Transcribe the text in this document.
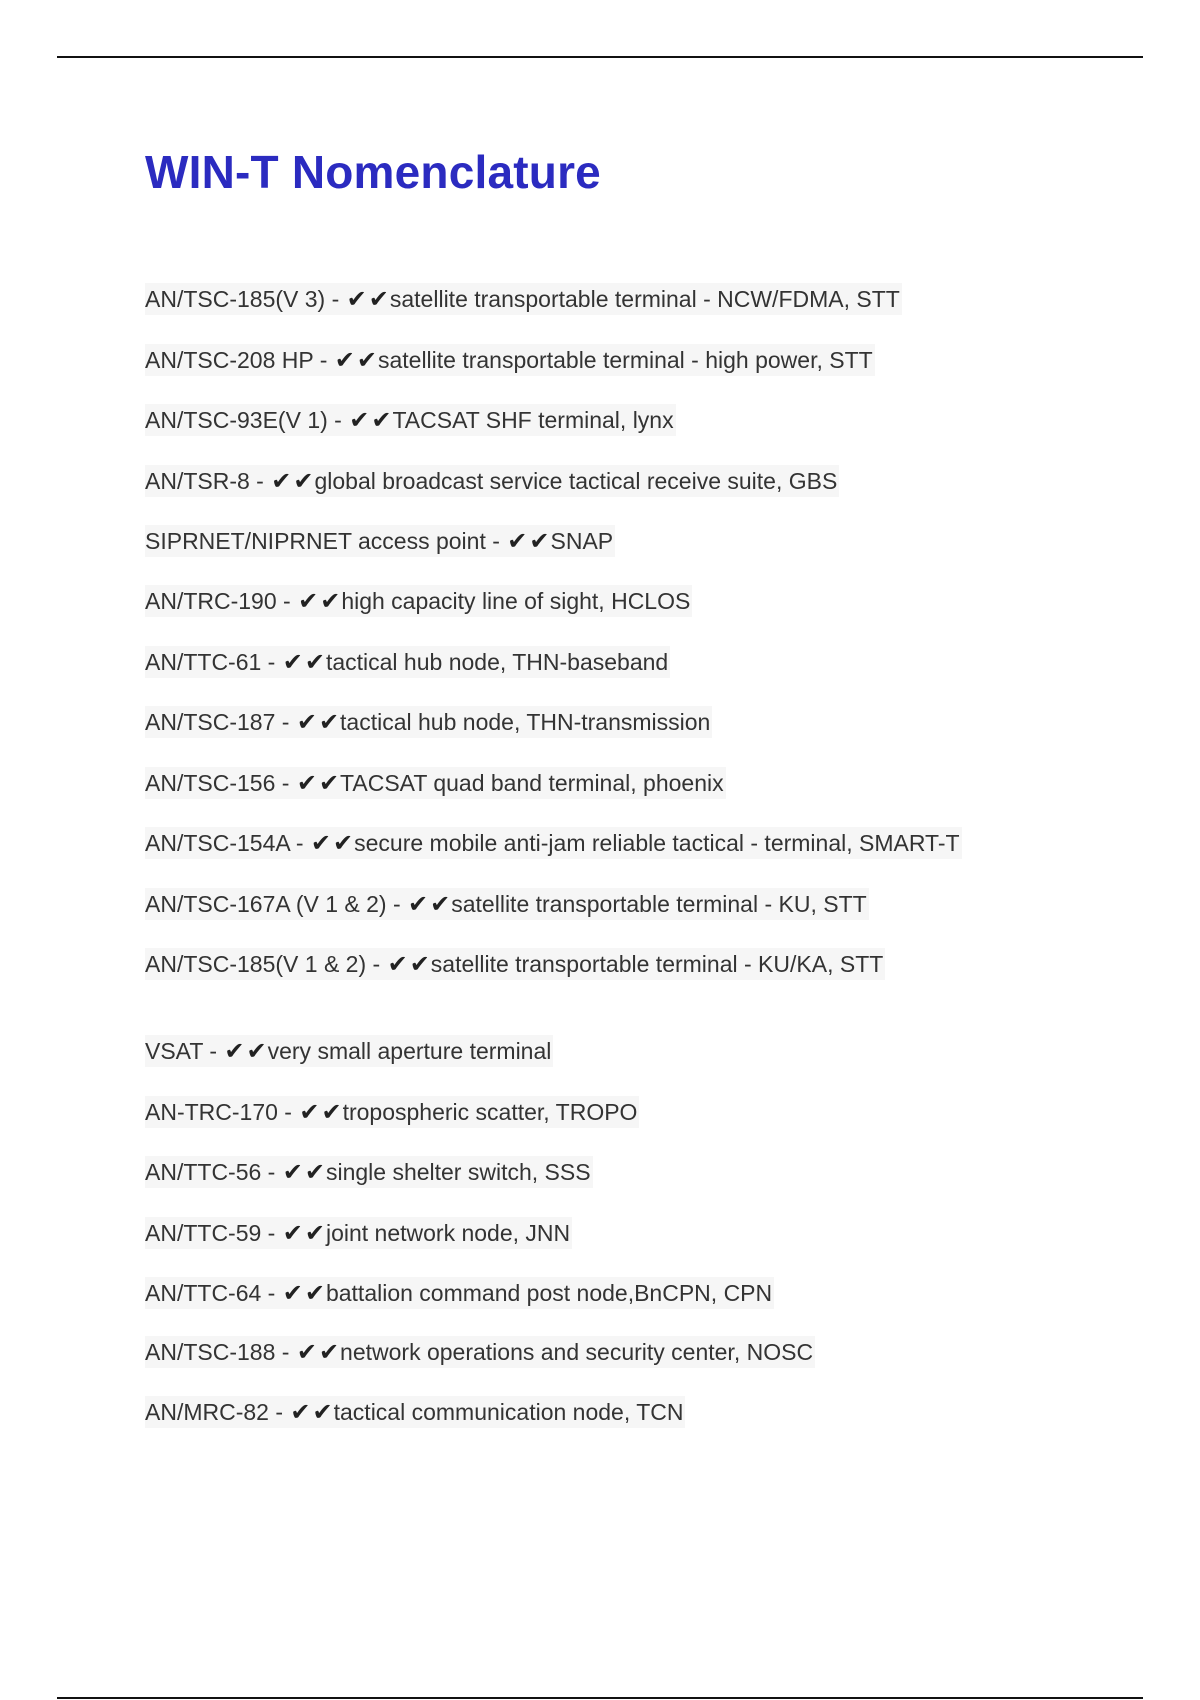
WIN-T Nomenclature
AN/TSC-185(V 3) - ✔✔satellite transportable terminal - NCW/FDMA, STT
AN/TSC-208 HP - ✔✔satellite transportable terminal - high power, STT
AN/TSC-93E(V 1) - ✔✔TACSAT SHF terminal, lynx
AN/TSR-8 - ✔✔global broadcast service tactical receive suite, GBS
SIPRNET/NIPRNET access point - ✔✔SNAP
AN/TRC-190 - ✔✔high capacity line of sight, HCLOS
AN/TTC-61 - ✔✔tactical hub node, THN-baseband
AN/TSC-187 - ✔✔tactical hub node, THN-transmission
AN/TSC-156 - ✔✔TACSAT quad band terminal, phoenix
AN/TSC-154A - ✔✔secure mobile anti-jam reliable tactical - terminal, SMART-T
AN/TSC-167A (V 1 & 2) - ✔✔satellite transportable terminal - KU, STT
AN/TSC-185(V 1 & 2) - ✔✔satellite transportable terminal - KU/KA, STT
VSAT - ✔✔very small aperture terminal
AN-TRC-170 - ✔✔tropospheric scatter, TROPO
AN/TTC-56 - ✔✔single shelter switch, SSS
AN/TTC-59 - ✔✔joint network node, JNN
AN/TTC-64 - ✔✔battalion command post node,BnCPN, CPN
AN/TSC-188 - ✔✔network operations and security center, NOSC
AN/MRC-82 - ✔✔tactical communication node, TCN
